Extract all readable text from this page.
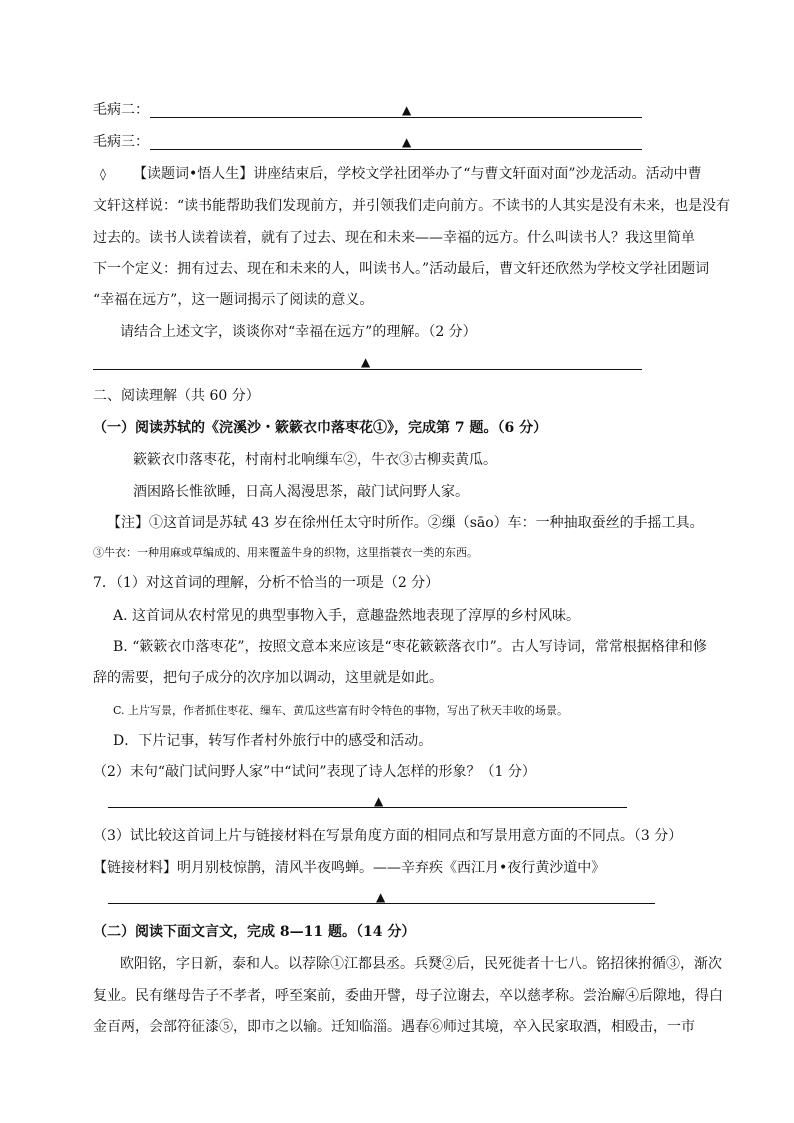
毛病二：	▲
毛病三：	▲
◊ 【读题词•悟人生】讲座结束后，学校文学社团举办了“与曹文轩面对面”沙龙活动。活动中曹
文轩这样说：“读书能帮助我们发现前方，并引领我们走向前方。不读书的人其实是没有未来，也是没有
过去的。读书人读着读着，就有了过去、现在和未来——幸福的远方。什么叫读书人？我这里简单
下一个定义：拥有过去、现在和未来的人，叫读书人。”活动最后，曹文轩还欣然为学校文学社团题词
“幸福在远方”，这一题词揭示了阅读的意义。
请结合上述文字，谈谈你对“幸福在远方”的理解。（2 分）
▲
二、阅读理解（共 60 分）
（一）阅读苏轼的《浣溪沙・簌簌衣巾落枣花①》，完成第 7 题。（6 分）
簌簌衣巾落枣花，村南村北响缫车②，牛衣③古柳卖黄瓜。
酒困路长惟欲睡，日高人渴漫思茶，敲门试问野人家。
【注】①这首词是苏轼 43 岁在徐州任太守时所作。②缫（sāo）车：一种抽取蚕丝的手摇工具。
③牛衣：一种用麻或草编成的、用来覆盖牛身的织物，这里指蓑衣一类的东西。
7．（1）对这首词的理解，分析不恰当的一项是（2 分）
A. 这首词从农村常见的典型事物入手，意趣盎然地表现了淳厚的乡村风味。
B. “簌簌衣巾落枣花”，按照文意本来应该是“枣花簌簌落衣巾”。古人写诗词，常常根据格律和修
辞的需要，把句子成分的次序加以调动，这里就是如此。
C. 上片写景，作者抓住枣花、缫车、黄瓜这些富有时令特色的事物，写出了秋天丰收的场景。
D．下片记事，转写作者村外旅行中的感受和活动。
（2）末句“敲门试问野人家”中“试问”表现了诗人怎样的形象？（1 分）
▲
（3）试比较这首词上片与链接材料在写景角度方面的相同点和写景用意方面的不同点。（3 分）
【链接材料】明月别枝惊鹊，清风半夜鸣蝉。——辛弃疾《西江月•夜行黄沙道中》
▲
（二）阅读下面文言文，完成 8—11 题。（14 分）
欧阳铭，字日新，泰和人。以荐除①江都县丞。兵燹②后，民死徙者十七八。铭招徕拊循③，渐次
复业。民有继母告子不孝者，呼至案前，委曲开譬，母子泣谢去，卒以慈孝称。尝治廨④后隙地，得白
金百两，会部符征漆⑤，即市之以输。迁知临淄。遇春⑥师过其境，卒入民家取酒，相殴击，一市
